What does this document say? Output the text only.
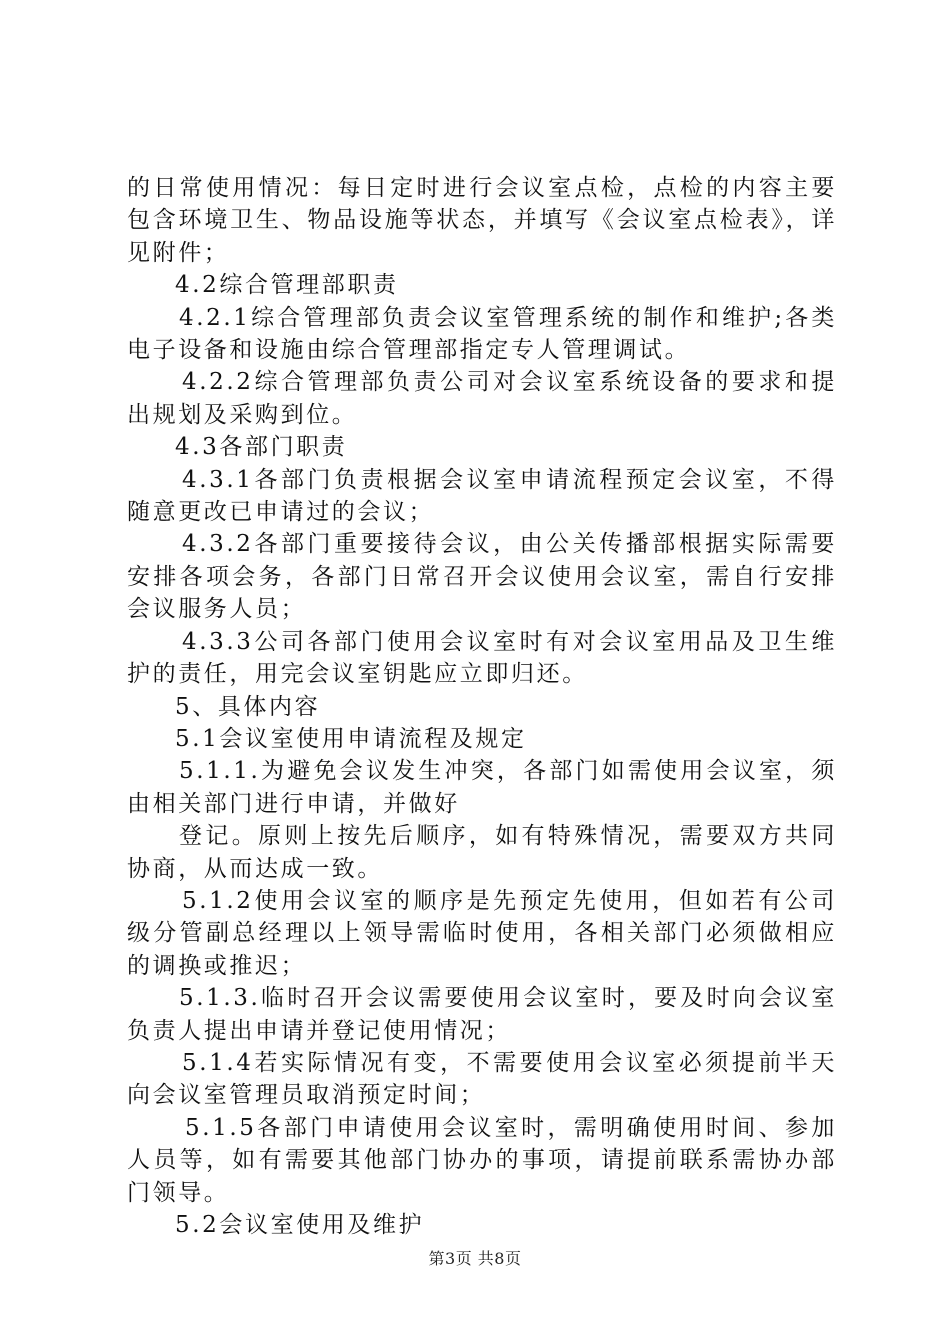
的日常使用情况：每日定时进行会议室点检，点检的内容主要包含环境卫生、物品设施等状态，并填写《会议室点检表》，详见附件；

4.2综合管理部职责

4.2.1综合管理部负责会议室管理系统的制作和维护;各类电子设备和设施由综合管理部指定专人管理调试。

4.2.2综合管理部负责公司对会议室系统设备的要求和提出规划及采购到位。

4.3各部门职责

4.3.1各部门负责根据会议室申请流程预定会议室，不得随意更改已申请过的会议；

4.3.2各部门重要接待会议，由公关传播部根据实际需要安排各项会务，各部门日常召开会议使用会议室，需自行安排会议服务人员；

4.3.3公司各部门使用会议室时有对会议室用品及卫生维护的责任，用完会议室钥匙应立即归还。

5、具体内容

5.1会议室使用申请流程及规定

5.1.1.为避免会议发生冲突，各部门如需使用会议室，须由相关部门进行申请，并做好

登记。原则上按先后顺序，如有特殊情况，需要双方共同协商，从而达成一致。

5.1.2使用会议室的顺序是先预定先使用，但如若有公司级分管副总经理以上领导需临时使用，各相关部门必须做相应的调换或推迟；

5.1.3.临时召开会议需要使用会议室时，要及时向会议室负责人提出申请并登记使用情况；

5.1.4若实际情况有变，不需要使用会议室必须提前半天向会议室管理员取消预定时间；

5.1.5各部门申请使用会议室时，需明确使用时间、参加人员等，如有需要其他部门协办的事项，请提前联系需协办部门领导。

5.2会议室使用及维护

第3页 共8页
